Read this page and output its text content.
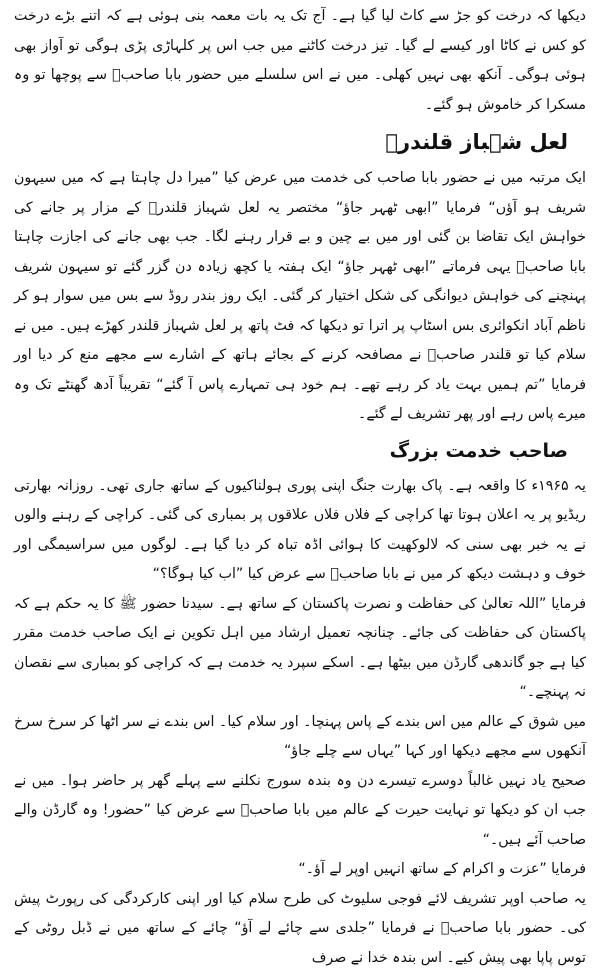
دیکھا کہ درخت کو جڑ سے کاٹ لیا گیا ہے۔ آج تک یہ بات معمہ بنی ہوئی ہے کہ اتنے بڑے درخت کو کس نے کاٹا اور کیسے لے گیا۔ تیز درخت کاٹنے میں جب اس پر کلہاڑی پڑی ہوگی تو آواز بھی ہوئی ہوگی۔ آنکھ بھی نہیں کھلی۔ میں نے اس سلسلے میں حضور بابا صاحبؒ سے پوچھا تو وہ مسکرا کر خاموش ہو گئے۔

لعل شہباز قلندرؒ

ایک مرتبہ میں نے حضور بابا صاحب کی خدمت میں عرض کیا ”میرا دل چاہتا ہے کہ میں سیہون شریف ہو آؤں“ فرمایا ”ابھی ٹھہر جاؤ“ مختصر یہ لعل شہباز قلندرؒ کے مزار پر جانے کی خواہش ایک تقاضا بن گئی اور میں بے چین و بے قرار رہنے لگا۔ جب بھی جانے کی اجازت چاہتا بابا صاحبؒ یہی فرماتے ”ابھی ٹھہر جاؤ“ ایک ہفتہ یا کچھ زیادہ دن گزر گئے تو سیہون شریف پہنچنے کی خواہش دیوانگی کی شکل اختیار کر گئی۔ ایک روز بندر روڈ سے بس میں سوار ہو کر ناظم آباد انکوائری بس اسٹاپ پر اترا تو دیکھا کہ فٹ پاتھ پر لعل شہباز قلندر کھڑے ہیں۔ میں نے سلام کیا تو قلندر صاحبؒ نے مصافحہ کرنے کے بجائے ہاتھ کے اشارے سے مجھے منع کر دیا اور فرمایا ”تم ہمیں بہت یاد کر رہے تھے۔ ہم خود ہی تمہارے پاس آ گئے“ تقریباً آدھ گھنٹے تک وہ میرے پاس رہے اور پھر تشریف لے گئے۔

صاحب خدمت بزرگ

یہ ۱۹۶۵ء کا واقعہ ہے۔ پاک بھارت جنگ اپنی پوری ہولناکیوں کے ساتھ جاری تھی۔ روزانہ بھارتی ریڈیو پر یہ اعلان ہوتا تھا کراچی کے فلاں فلاں علاقوں پر بمباری کی گئی۔ کراچی کے رہنے والوں نے یہ خبر بھی سنی کہ لالوکھیت کا ہوائی اڈہ تباہ کر دیا گیا ہے۔ لوگوں میں سراسیمگی اور خوف و دہشت دیکھ کر میں نے بابا صاحبؒ سے عرض کیا ”اب کیا ہوگا؟“

فرمایا ”اللہ تعالیٰ کی حفاظت و نصرت پاکستان کے ساتھ ہے۔ سیدنا حضور ﷺ کا یہ حکم ہے کہ پاکستان کی حفاظت کی جائے۔ چنانچہ تعمیل ارشاد میں اہل تکوین نے ایک صاحب خدمت مقرر کیا ہے جو گاندھی گارڈن میں بیٹھا ہے۔ اسکے سپرد یہ خدمت ہے کہ کراچی کو بمباری سے نقصان نہ پہنچے۔“

میں شوق کے عالم میں اس بندے کے پاس پہنچا۔ اور سلام کیا۔ اس بندے نے سر اٹھا کر سرخ سرخ آنکھوں سے مجھے دیکھا اور کہا ”یہاں سے چلے جاؤ“

صحیح یاد نہیں غالباً دوسرے تیسرے دن وہ بندہ سورج نکلنے سے پہلے گھر پر حاضر ہوا۔ میں نے جب ان کو دیکھا تو نہایت حیرت کے عالم میں بابا صاحبؒ سے عرض کیا ”حضور! وہ گارڈن والے صاحب آئے ہیں۔“

فرمایا ”عزت و اکرام کے ساتھ انہیں اوپر لے آؤ۔“

یہ صاحب اوپر تشریف لائے فوجی سلیوٹ کی طرح سلام کیا اور اپنی کارکردگی کی رپورٹ پیش کی۔ حضور بابا صاحبؒ نے فرمایا ”جلدی سے چائے لے آؤ“ چائے کے ساتھ میں نے ڈبل روٹی کے توس پاپا بھی پیش کیے۔ اس بندہ خدا نے صرف
